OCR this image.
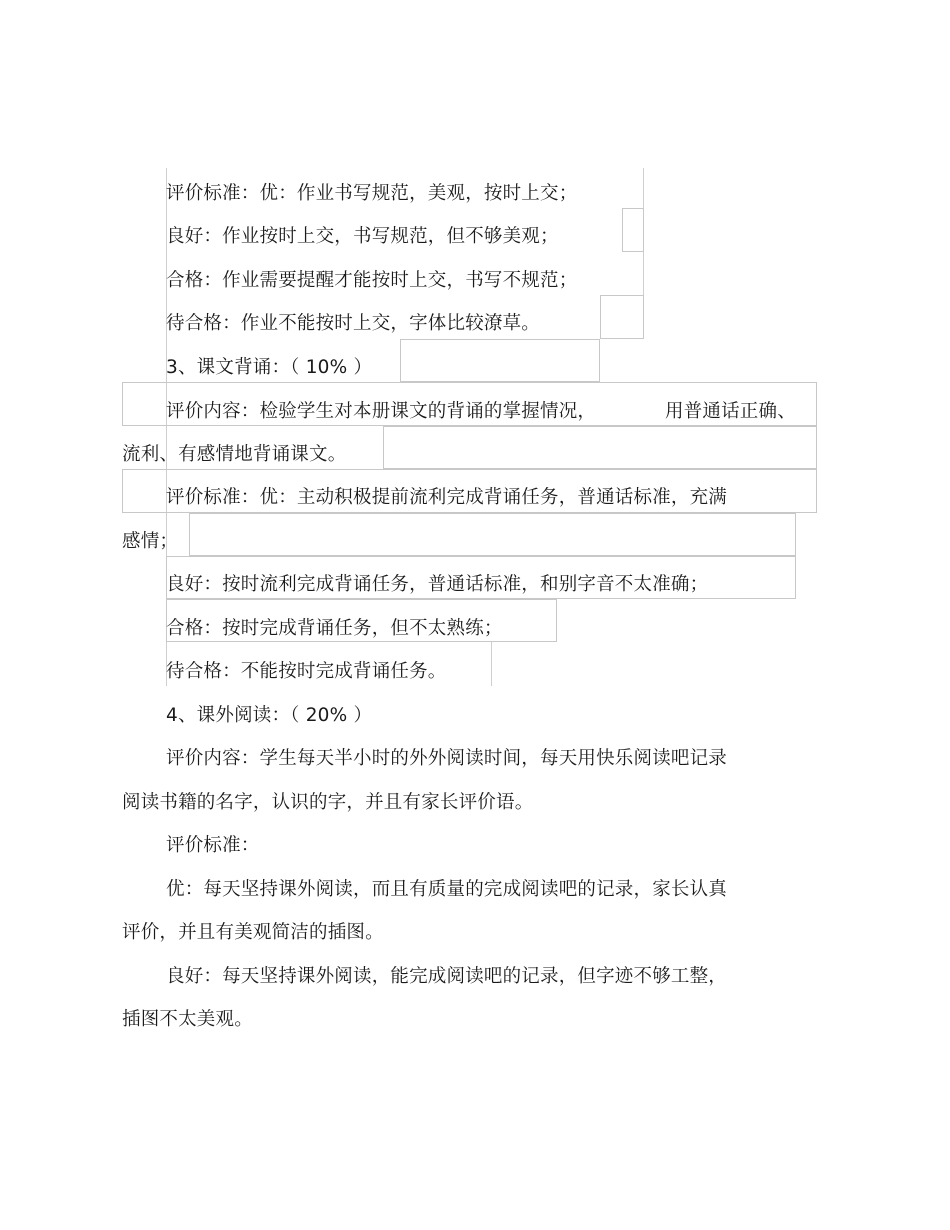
评价标准：优：作业书写规范，美观，按时上交；

良好：作业按时上交，书写规范，但不够美观；

合格：作业需要提醒才能按时上交，书写不规范；

待合格：作业不能按时上交，字体比较潦草。

3、课文背诵：（ 10% ）

评价内容：检验学生对本册课文的背诵的掌握情况，	用普通话正确、

流利、有感情地背诵课文。

评价标准：优：主动积极提前流利完成背诵任务，普通话标准，充满

感情；

良好：按时流利完成背诵任务，普通话标准，和别字音不太准确；

合格：按时完成背诵任务，但不太熟练；

待合格：不能按时完成背诵任务。

4、课外阅读：（ 20% ）

评价内容：学生每天半小时的外外阅读时间，每天用快乐阅读吧记录

阅读书籍的名字，认识的字，并且有家长评价语。

评价标准：

优：每天坚持课外阅读，而且有质量的完成阅读吧的记录，家长认真

评价，并且有美观简洁的插图。

良好：每天坚持课外阅读，能完成阅读吧的记录，但字迹不够工整，

插图不太美观。
